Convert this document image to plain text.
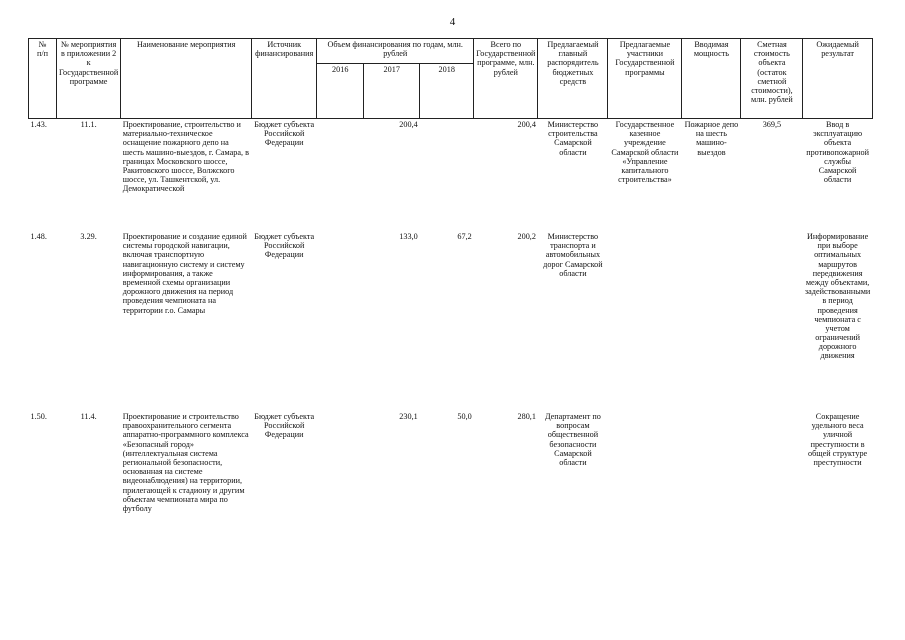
4
№
п/п	№ мероприятия в приложении 2 к Государственной программе	Наименование мероприятия	Источник финансирования	Объем финансирования по годам, млн. рублей			Всего по Государственной программе, млн. рублей	Предлагаемый главный распорядитель бюджетных средств	Предлагаемые участники Государственной программы	Вводимая мощность	Сметная стоимость объекта (остаток сметной стоимости), млн. рублей	Ожидаемый результат
				2016	2017	2018						
1.43.	11.1.	Проектирование, строительство и материально-техническое оснащение пожарного депо на шесть машино-выездов, г. Самара, в границах Московского шоссе, Ракитовского шоссе, Волжского шоссе, ул. Ташкентской, ул. Демократической	Бюджет субъекта Российской Федерации		200,4		200,4	Министерство строительства Самарской области	Государственное казенное учреждение Самарской области «Управление капитального строительства»	Пожарное депо на шесть машино-выездов	369,5	Ввод в эксплуатацию объекта противопожарной службы Самарской области
1.48.	3.29.	Проектирование и создание единой системы городской навигации, включая транспортную навигационную систему и систему информирования, а также временной схемы организации дорожного движения на период проведения чемпионата на территории г.о. Самары	Бюджет субъекта Российской Федерации		133,0	67,2	200,2	Министерство транспорта и автомобильных дорог Самарской области				Информирование при выборе оптимальных маршрутов передвижения между объектами, задействованными в период проведения чемпионата с учетом ограничений дорожного движения
1.50.	11.4.	Проектирование и строительство правоохранительного сегмента аппаратно-программного комплекса «Безопасный город» (интеллектуальная система региональной безопасности, основанная на системе видеонаблюдения) на территории, прилегающей к стадиону и другим объектам чемпионата мира по футболу	Бюджет субъекта Российской Федерации		230,1	50,0	280,1	Департамент по вопросам общественной безопасности Самарской области				Сокращение удельного веса уличной преступности в общей структуре преступности
